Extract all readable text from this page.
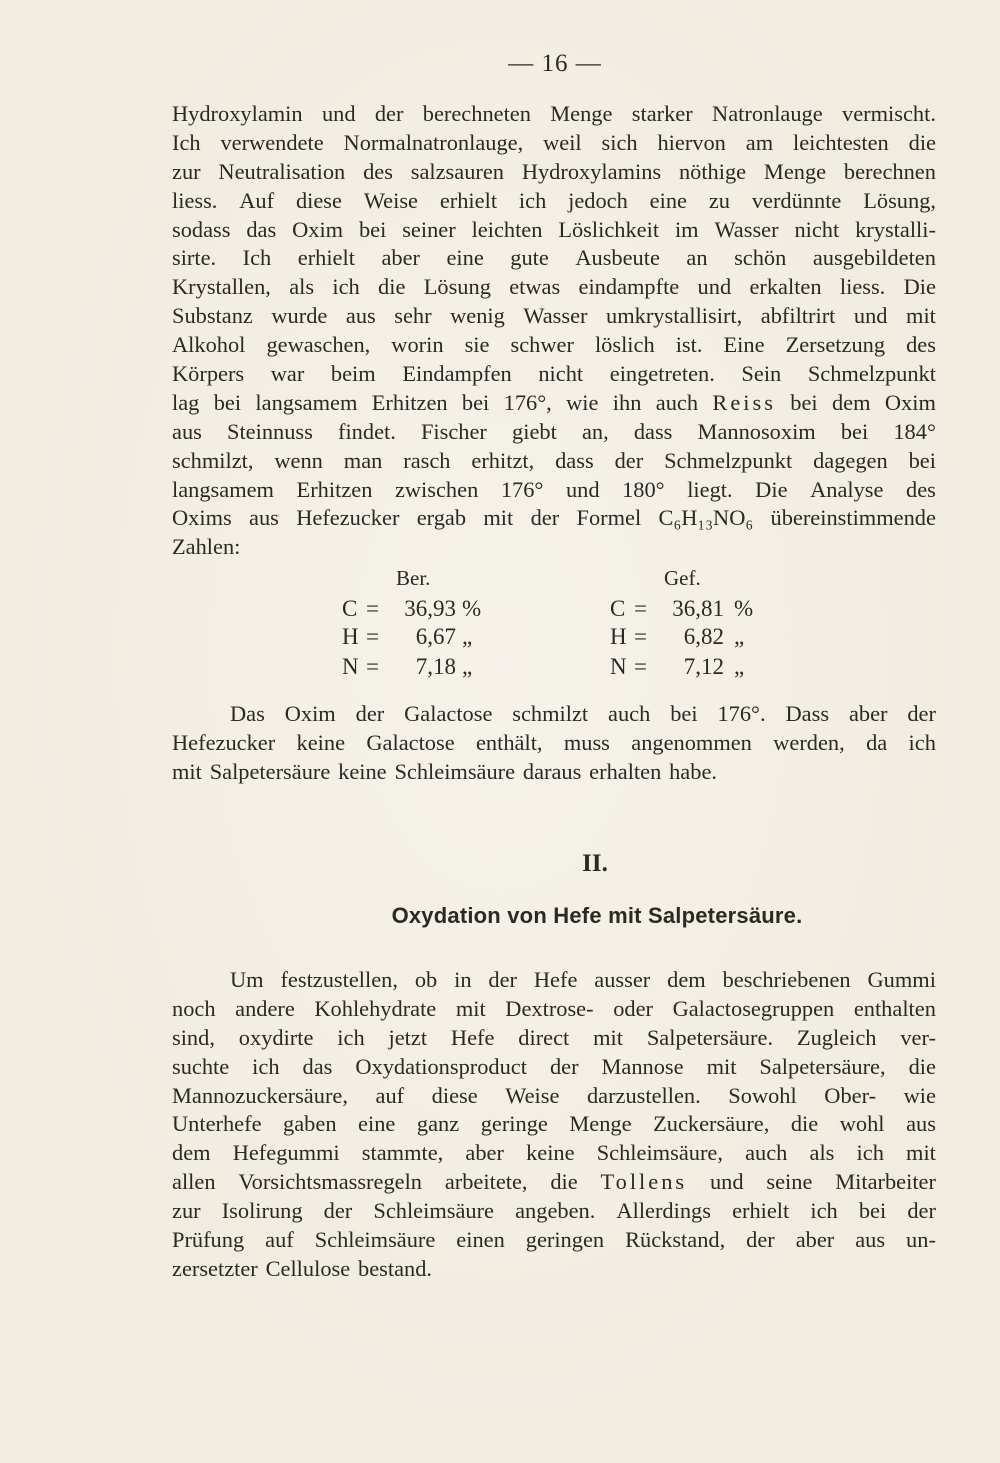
— 16 —
Hydroxylamin und der berechneten Menge starker Natronlauge vermischt.
Ich verwendete Normalnatronlauge, weil sich hiervon am leichtesten die
zur Neutralisation des salzsauren Hydroxylamins nöthige Menge berechnen
liess. Auf diese Weise erhielt ich jedoch eine zu verdünnte Lösung,
sodass das Oxim bei seiner leichten Löslichkeit im Wasser nicht krystalli-
sirte. Ich erhielt aber eine gute Ausbeute an schön ausgebildeten
Krystallen, als ich die Lösung etwas eindampfte und erkalten liess. Die
Substanz wurde aus sehr wenig Wasser umkrystallisirt, abfiltrirt und mit
Alkohol gewaschen, worin sie schwer löslich ist. Eine Zersetzung des
Körpers war beim Eindampfen nicht eingetreten. Sein Schmelzpunkt
lag bei langsamem Erhitzen bei 176°, wie ihn auch Reiss bei dem Oxim
aus Steinnuss findet. Fischer giebt an, dass Mannosoxim bei 184°
schmilzt, wenn man rasch erhitzt, dass der Schmelzpunkt dagegen bei
langsamem Erhitzen zwischen 176° und 180° liegt. Die Analyse des
Oxims aus Hefezucker ergab mit der Formel C₆H₁₃NO₆ übereinstimmende
Zahlen:
Ber.	Gef.
C =	36,93 %	C =	36,81 %
H =	6,67 „	H =	6,82 „
N =	7,18 „	N =	7,12 „
Das Oxim der Galactose schmilzt auch bei 176°. Dass aber der
Hefezucker keine Galactose enthält, muss angenommen werden, da ich
mit Salpetersäure keine Schleimsäure daraus erhalten habe.
II.
Oxydation von Hefe mit Salpetersäure.
Um festzustellen, ob in der Hefe ausser dem beschriebenen Gummi
noch andere Kohlehydrate mit Dextrose- oder Galactosegruppen enthalten
sind, oxydirte ich jetzt Hefe direct mit Salpetersäure. Zugleich ver-
suchte ich das Oxydationsproduct der Mannose mit Salpetersäure, die
Mannozuckersäure, auf diese Weise darzustellen. Sowohl Ober- wie
Unterhefe gaben eine ganz geringe Menge Zuckersäure, die wohl aus
dem Hefegummi stammte, aber keine Schleimsäure, auch als ich mit
allen Vorsichtsmassregeln arbeitete, die Tollens und seine Mitarbeiter
zur Isolirung der Schleimsäure angeben. Allerdings erhielt ich bei der
Prüfung auf Schleimsäure einen geringen Rückstand, der aber aus un-
zersetzter Cellulose bestand.
